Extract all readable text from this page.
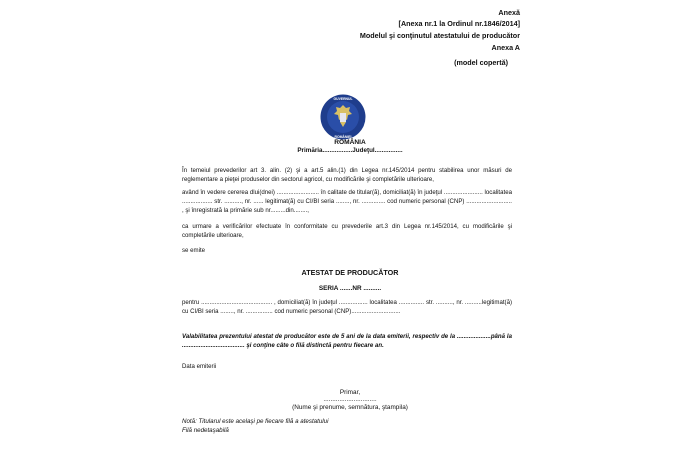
Anexă
[Anexa nr.1 la Ordinul nr.1846/2014]
Modelul şi conţinutul atestatului de producător
Anexa A
(model copertă)
GUVERNUL
ROMÂNIEI
ROMÂNIA
Primăria.................Judeţul................
În temeiul prevederilor art 3. alin. (2) şi a art.5 alin.(1) din Legea nr.145/2014 pentru stabilirea unor măsuri de reglementare a pieţei produselor din sectorul agricol, cu modificările şi completările ulterioare,
având în vedere cererea dlui(dnei) ......................... în calitate de titular(ă), domiciliat(ă) în judeţul ....................... localitatea .................. str. .........., nr. ...... legitimat(ă) cu CI/BI seria ........, nr. .............. cod numeric personal (CNP) ........................... , şi înregistrată la primărie sub nr.........din........,
ca urmare a verificărilor efectuate în conformitate cu prevederile art.3 din Legea nr.145/2014, cu modificările şi completările ulterioare,
se emite
ATESTAT DE PRODUCĂTOR
SERIA .......NR ..........
pentru .......................................... , domiciliat(ă) în judeţul ................. localitatea ............... str. .........., nr. ..........legitimat(ă) cu CI/BI seria ........, nr. ................ cod numeric personal (CNP).............................
Valabilitatea prezentului atestat de producător este de 5 ani de la data emiterii, respectiv de la ....................până la ..................................... şi conţine câte o filă distinctă pentru fiecare an.
Data emiterii
Primar,
..............................
(Nume şi prenume, semnătura, ştampila)
Notă: Titularul este acelaşi pe fiecare filă a atestatului
Filă nedetaşabilă
